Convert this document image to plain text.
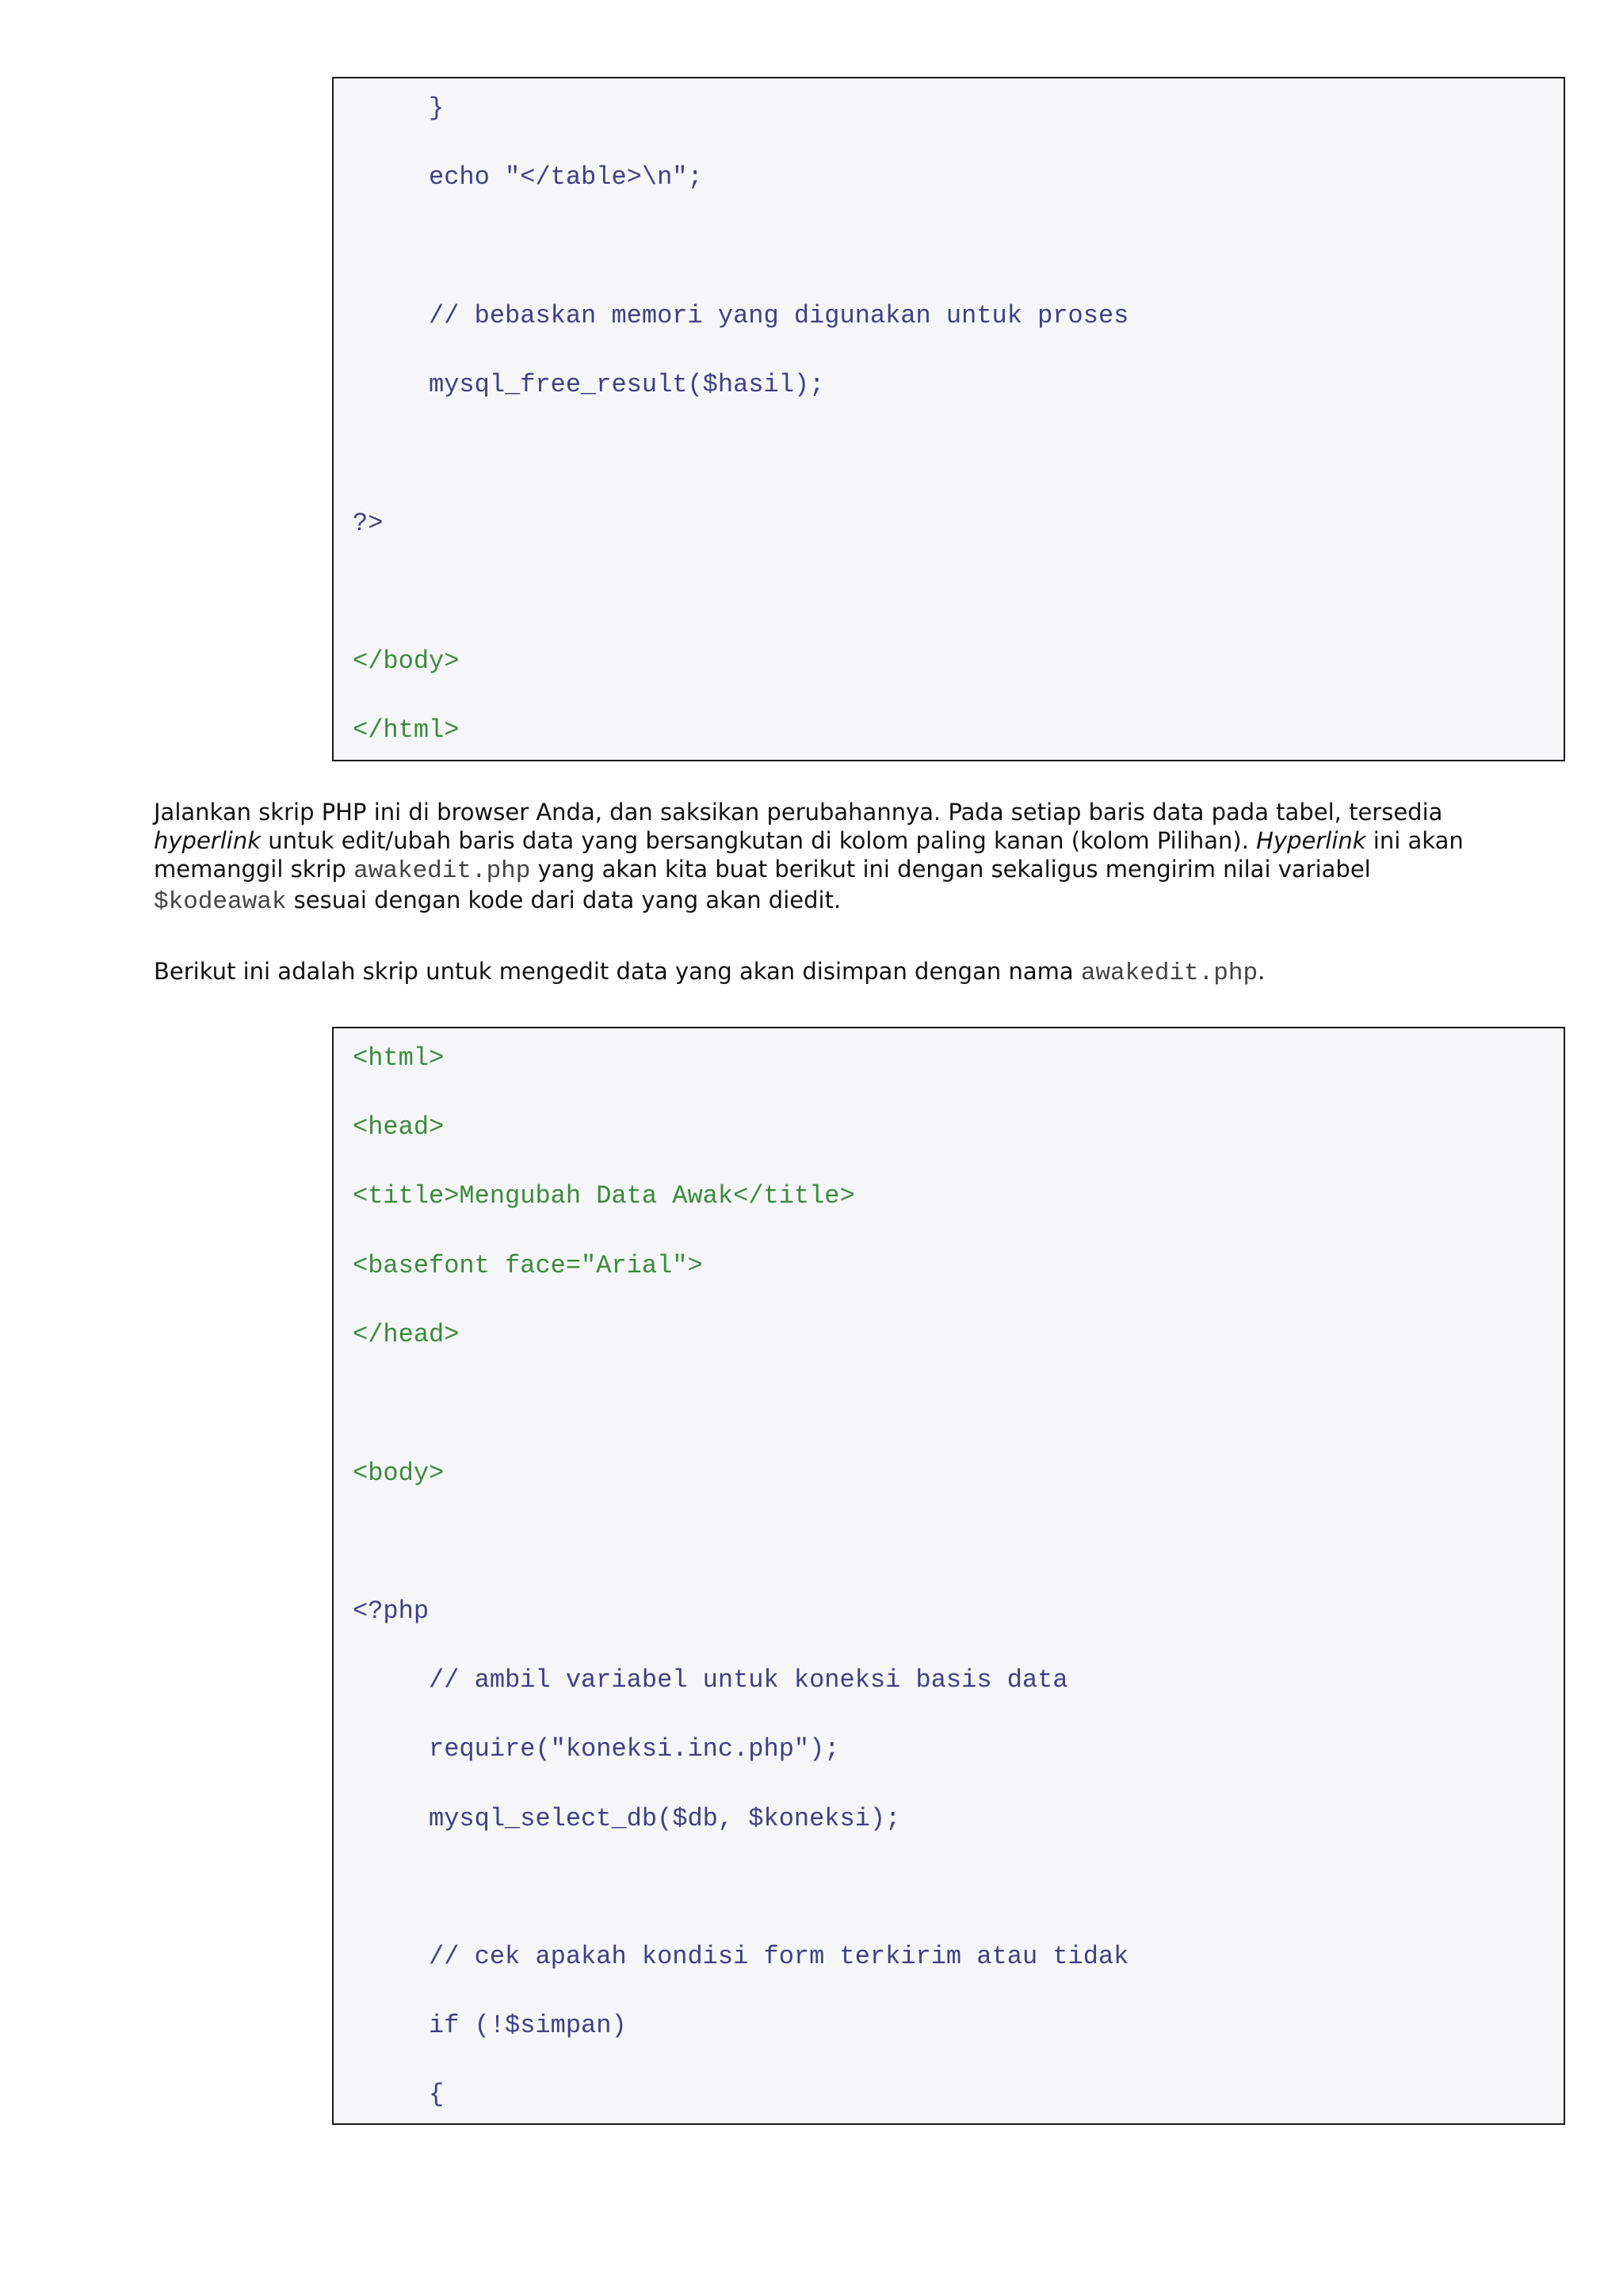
}
echo "</table>\n";
// bebaskan memori yang digunakan untuk proses
mysql_free_result($hasil);
?>
</body>
</html>

Jalankan skrip PHP ini di browser Anda, dan saksikan perubahannya. Pada setiap baris data pada tabel, tersedia
hyperlink untuk edit/ubah baris data yang bersangkutan di kolom paling kanan (kolom Pilihan). Hyperlink ini akan memanggil skrip awakedit.php yang akan kita buat berikut ini dengan sekaligus mengirim nilai variabel $kodeawak sesuai dengan kode dari data yang akan diedit.

Berikut ini adalah skrip untuk mengedit data yang akan disimpan dengan nama awakedit.php.

<html>
<head>
<title>Mengubah Data Awak</title>
<basefont face="Arial">
</head>
<body>
<?php
// ambil variabel untuk koneksi basis data
require("koneksi.inc.php");
mysql_select_db($db, $koneksi);
// cek apakah kondisi form terkirim atau tidak
if (!$simpan)
{
